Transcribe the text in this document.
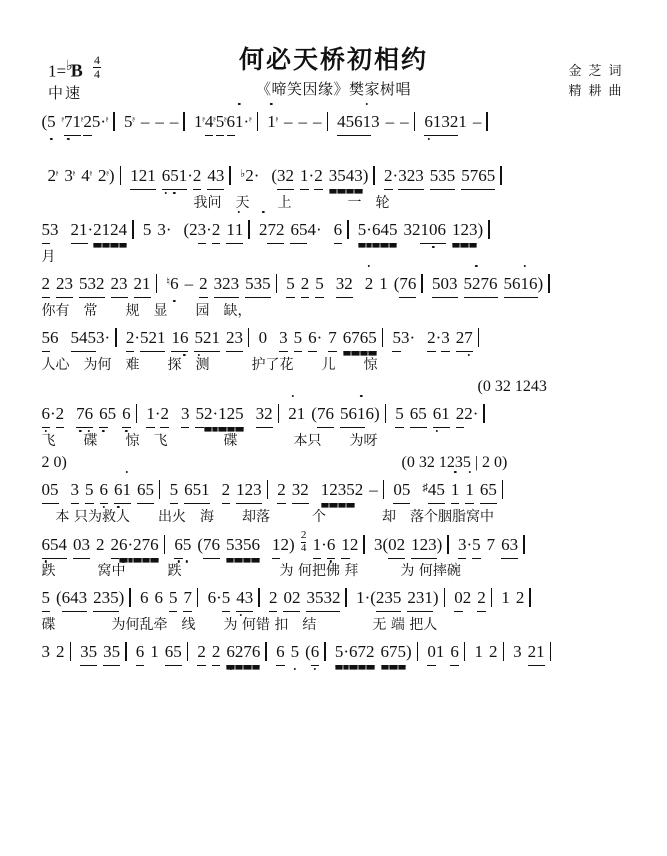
$1=^♭B \frac{4}{4}$
中速
何必天桥初相约
《啼笑因缘》樊家树唱
金 芝 词
精 耕 曲
(5 $^ᶳ71^ᶳ25\cdot^ᶳ$ $5^ᶳ$ – – – $1^ᶳ4^ᶳ5^ᶳ61\cdot^ᶳ$ $1^ᶳ$ – – – 45613 – – 61321 –
$2^ᶳ$ $3^ᶳ$ $4^ᶳ$ $2^ᶳ$) 121 651·2 43 ♭2· (32 1·2 3543) 2·323 535 5765
我问　天　　上　　　　一　轮
53 21·2124 5 3· (23·2 11 272 654· 6 5·645 32106 123)
月
2 23 532 23 21 ♮6 – 2 323 535 5 2 5 32 2 1 (76 503 5276 5616)
你有　常　　规　显　　园　缺，
56 5453· 2·521 16 521 23 0 3 5 6· 7 6765 53· 2·3 27
人心　为何　难　　探　测　　　护了花　　儿　　惊
(0 32 1243
6·2 76 65 6 1·2 3 52·125 32 21 (76 5616) 5 65 61 22·
飞　　碟　　惊　飞　　　　碟　　　　本只　　为呀
2 0)	(0 32 1235 | 2 0)
05 3 5 6 61 65 5 651 2 123 2 32 12352 – 05 ♯45 1 1 65
本 只为救人　　出火　海　　却落　　　个　　　　却　落个胭脂窝中
654 03 2 26·276 65 (76 5356 $12) \frac{2}{4} 1\cdot 6$ 12 3(02 123) 3·5 7 63
跌　　　窝中　　　跌　　　　　　　为 何把佛 拜　　　为 何摔碗
5 (643 235) 6 6 5 7 6·5 43 2 02 3532 1·(235 231) 02 2 1 2
碟　　　　为何乱牵　线　　为 何错 扣　结　　　　无 端 把人
3 2 35 35 6 1 65 2 2 6276 6 5 (6 5·672 675) 01 6 1 2 3 21
